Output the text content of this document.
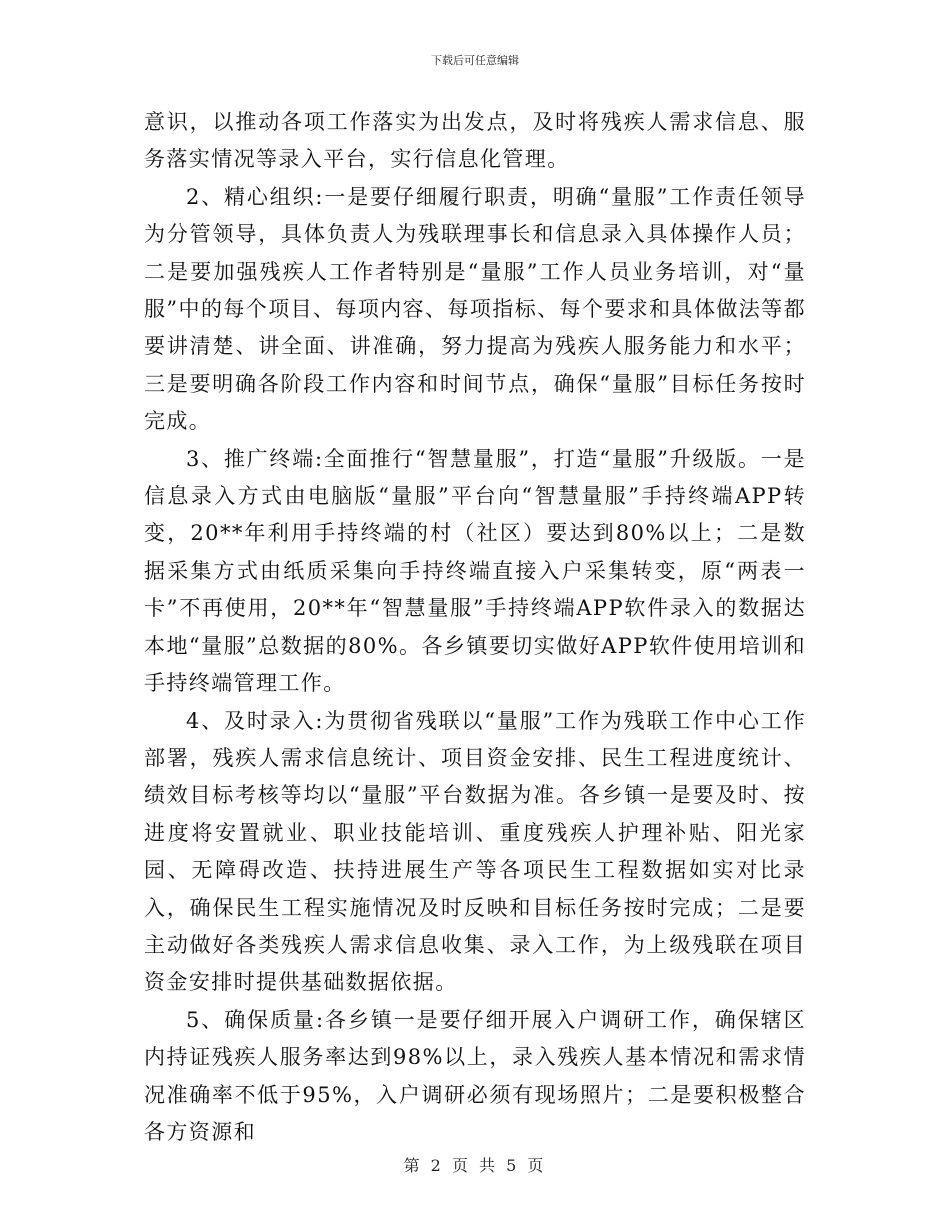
下载后可任意编辑

意识，以推动各项工作落实为出发点，及时将残疾人需求信息、服务落实情况等录入平台，实行信息化管理。

2、精心组织:一是要仔细履行职责，明确“量服”工作责任领导为分管领导，具体负责人为残联理事长和信息录入具体操作人员；二是要加强残疾人工作者特别是“量服”工作人员业务培训，对“量服”中的每个项目、每项内容、每项指标、每个要求和具体做法等都要讲清楚、讲全面、讲准确，努力提高为残疾人服务能力和水平；三是要明确各阶段工作内容和时间节点，确保“量服”目标任务按时完成。

3、推广终端:全面推行“智慧量服”，打造“量服”升级版。一是信息录入方式由电脑版“量服”平台向“智慧量服”手持终端APP转变，20**年利用手持终端的村（社区）要达到80%以上；二是数据采集方式由纸质采集向手持终端直接入户采集转变，原“两表一卡”不再使用，20**年“智慧量服”手持终端APP软件录入的数据达本地“量服”总数据的80%。各乡镇要切实做好APP软件使用培训和手持终端管理工作。

4、及时录入:为贯彻省残联以“量服”工作为残联工作中心工作部署，残疾人需求信息统计、项目资金安排、民生工程进度统计、绩效目标考核等均以“量服”平台数据为准。各乡镇一是要及时、按进度将安置就业、职业技能培训、重度残疾人护理补贴、阳光家园、无障碍改造、扶持进展生产等各项民生工程数据如实对比录入，确保民生工程实施情况及时反映和目标任务按时完成；二是要主动做好各类残疾人需求信息收集、录入工作，为上级残联在项目资金安排时提供基础数据依据。

5、确保质量:各乡镇一是要仔细开展入户调研工作，确保辖区内持证残疾人服务率达到98%以上，录入残疾人基本情况和需求情况准确率不低于95%，入户调研必须有现场照片；二是要积极整合各方资源和

第 2 页 共 5 页
